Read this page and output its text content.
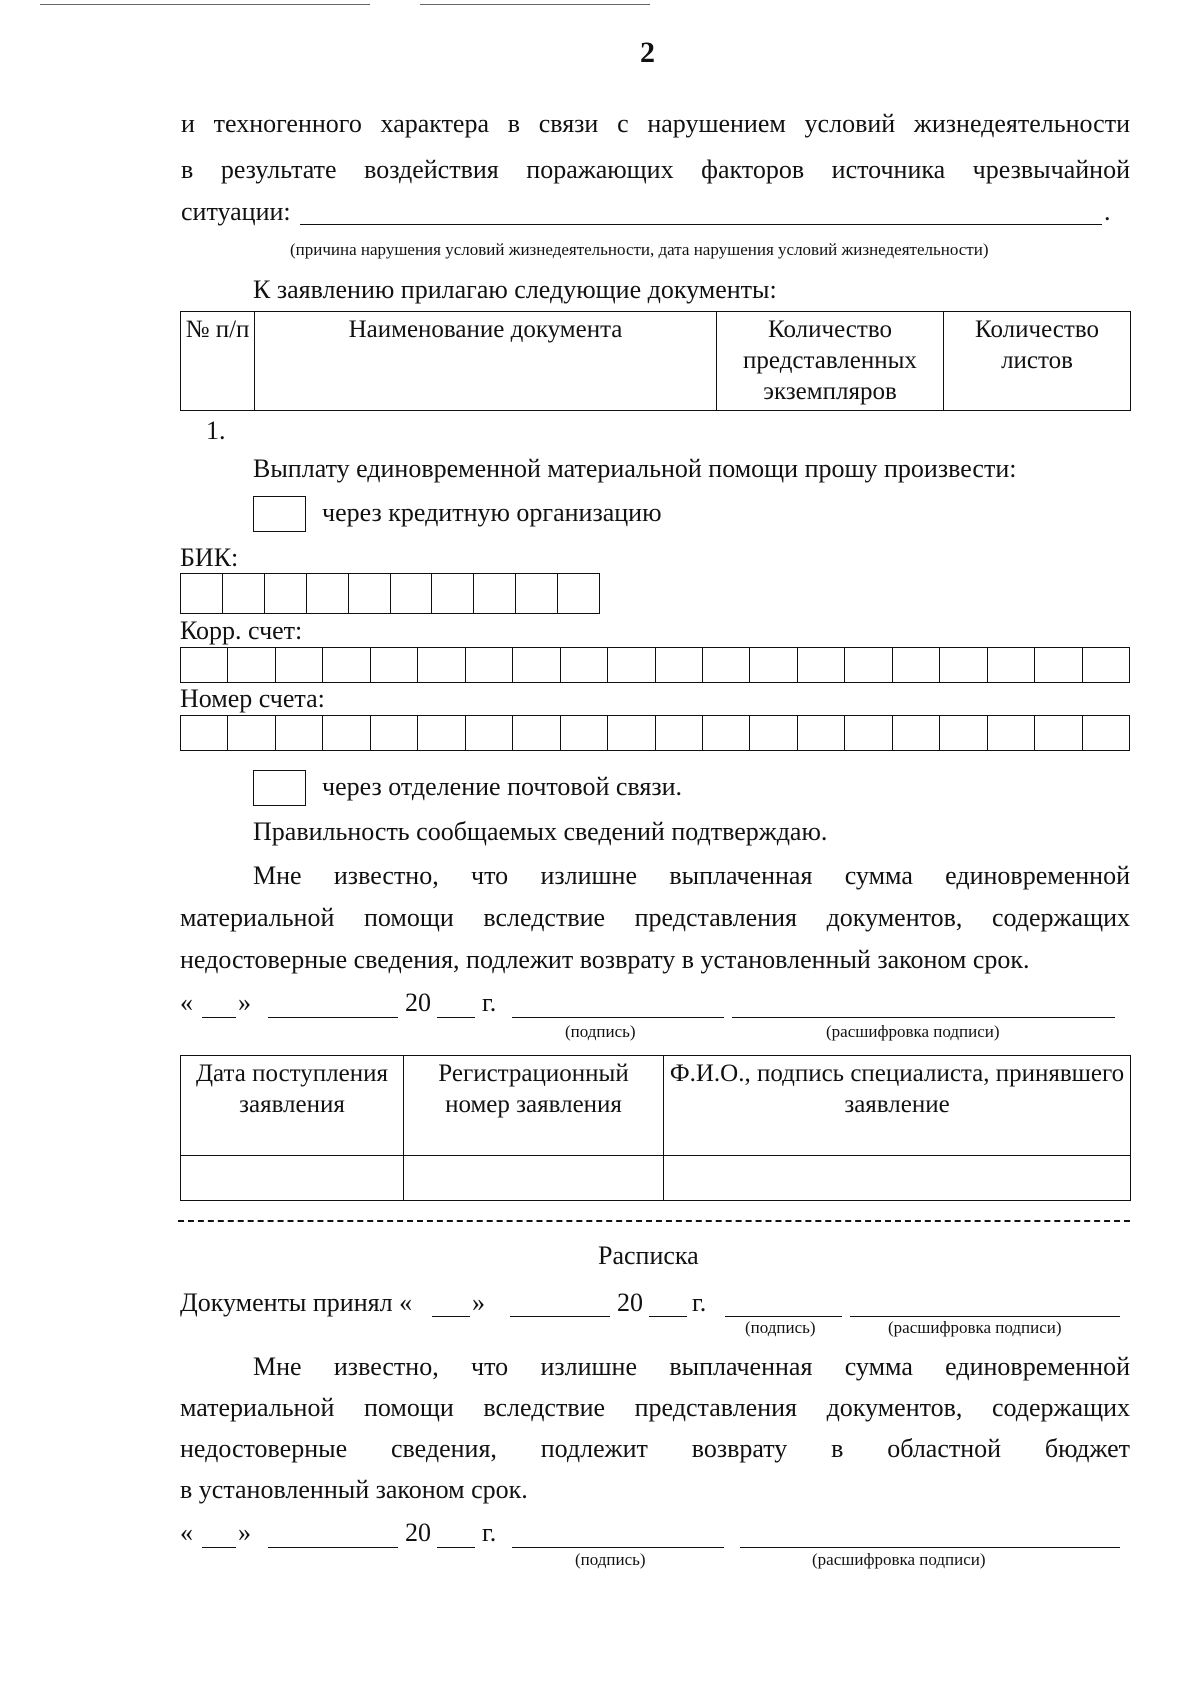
2
и техногенного характера в связи с нарушением условий жизнедеятельности
в результате воздействия поражающих факторов источника чрезвычайной
ситуации:	.
(причина нарушения условий жизнедеятельности, дата нарушения условий жизнедеятельности)
К заявлению прилагаю следующие документы:
№ п/п	Наименование документа	Количество представленных экземпляров	Количество листов
1.
Выплату единовременной материальной помощи прошу произвести:
через кредитную организацию
БИК:
Корр. счет:
Номер счета:
через отделение почтовой связи.
Правильность сообщаемых сведений подтверждаю.
Мне известно, что излишне выплаченная сумма единовременной
материальной помощи вследствие представления документов, содержащих
недостоверные сведения, подлежит возврату в установленный законом срок.
« »	20 г.
(подпись)	(расшифровка подписи)
Дата поступления заявления	Регистрационный номер заявления	Ф.И.О., подпись специалиста, принявшего заявление

Расписка
Документы принял « »	20 г.
(подпись)	(расшифровка подписи)
Мне известно, что излишне выплаченная сумма единовременной
материальной помощи вследствие представления документов, содержащих
недостоверные сведения, подлежит возврату в областной бюджет
в установленный законом срок.
« »	20 г.
(подпись)	(расшифровка подписи)
